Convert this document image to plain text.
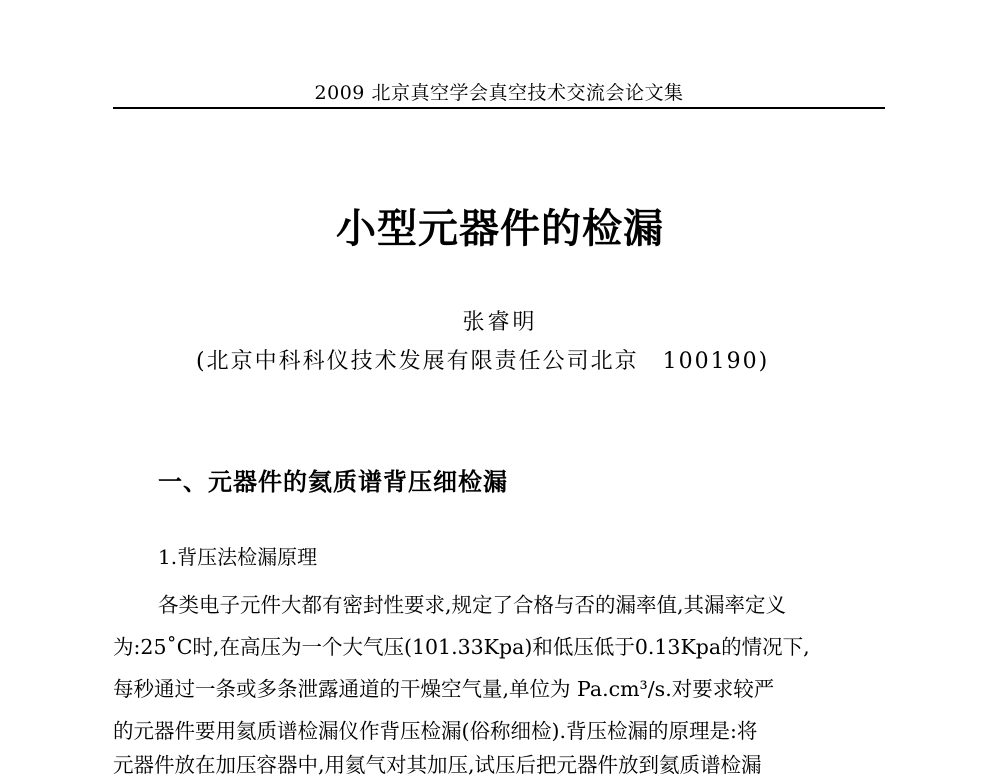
2009 北京真空学会真空技术交流会论文集
小型元器件的检漏
张睿明
(北京中科科仪技术发展有限责任公司北京　100190)
一、元器件的氦质谱背压细检漏
1.背压法检漏原理
各类电子元件大都有密封性要求,规定了合格与否的漏率值,其漏率定义
为:25˚C时,在高压为一个大气压(101.33Kpa)和低压低于0.13Kpa的情况下,
每秒通过一条或多条泄露通道的干燥空气量,单位为 Pa.cm³/s.对要求较严
的元器件要用氦质谱检漏仪作背压检漏(俗称细检).背压检漏的原理是:将
元器件放在加压容器中,用氦气对其加压,试压后把元器件放到氦质谱检漏
